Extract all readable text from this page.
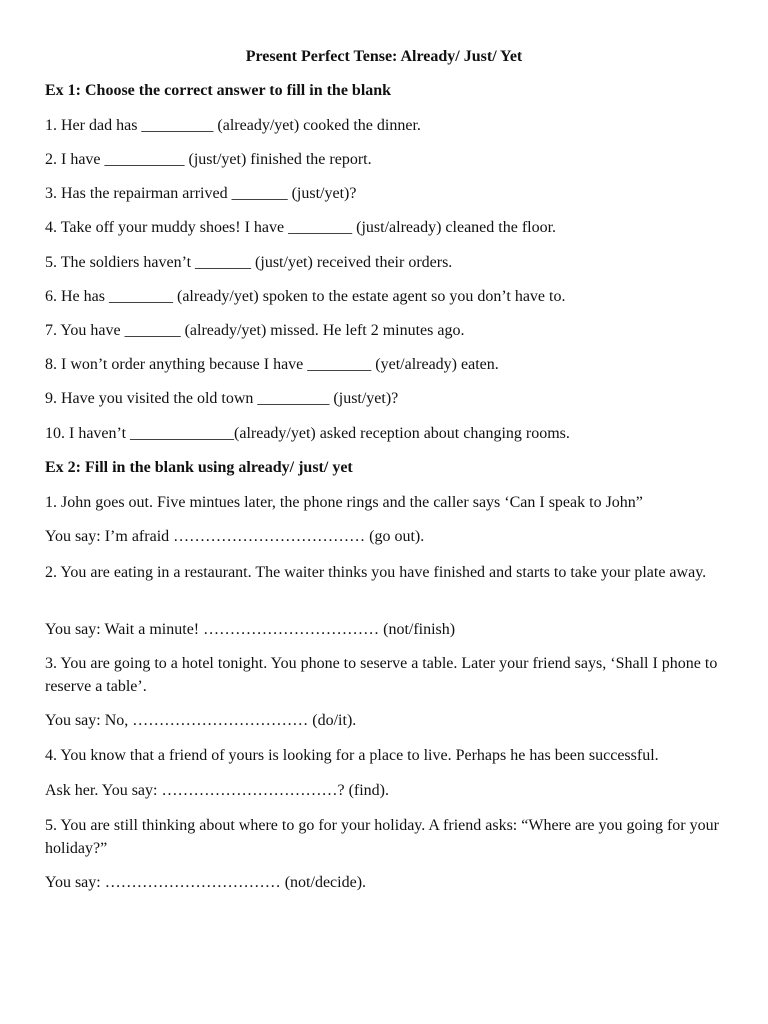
Present Perfect Tense: Already/ Just/ Yet
Ex 1: Choose the correct answer to fill in the blank
1. Her dad has _________ (already/yet) cooked the dinner.
2. I have __________ (just/yet) finished the report.
3. Has the repairman arrived _______ (just/yet)?
4. Take off your muddy shoes! I have ________ (just/already) cleaned the floor.
5. The soldiers haven’t _______ (just/yet) received their orders.
6. He has ________ (already/yet) spoken to the estate agent so you don’t have to.
7. You have _______ (already/yet) missed. He left 2 minutes ago.
8. I won’t order anything because I have ________ (yet/already) eaten.
9. Have you visited the old town _________ (just/yet)?
10. I haven’t _____________(already/yet) asked reception about changing rooms.
Ex 2: Fill in the blank using already/ just/ yet
1. John goes out. Five mintues later, the phone rings and the caller says ‘Can I speak to John”
You say: I’m afraid ……………………………… (go out).
2. You are eating in a restaurant. The waiter thinks you have finished and starts to take your plate away.
You say: Wait a minute! …………………………… (not/finish)
3. You are going to a hotel tonight. You phone to seserve a table. Later your friend says, ‘Shall I phone to reserve a table’.
You say: No, …………………………… (do/it).
4. You know that a friend of yours is looking for a place to live. Perhaps he has been successful.
Ask her. You say: ……………………………? (find).
5. You are still thinking about where to go for your holiday. A friend asks: “Where are you going for your holiday?”
You say: …………………………… (not/decide).
